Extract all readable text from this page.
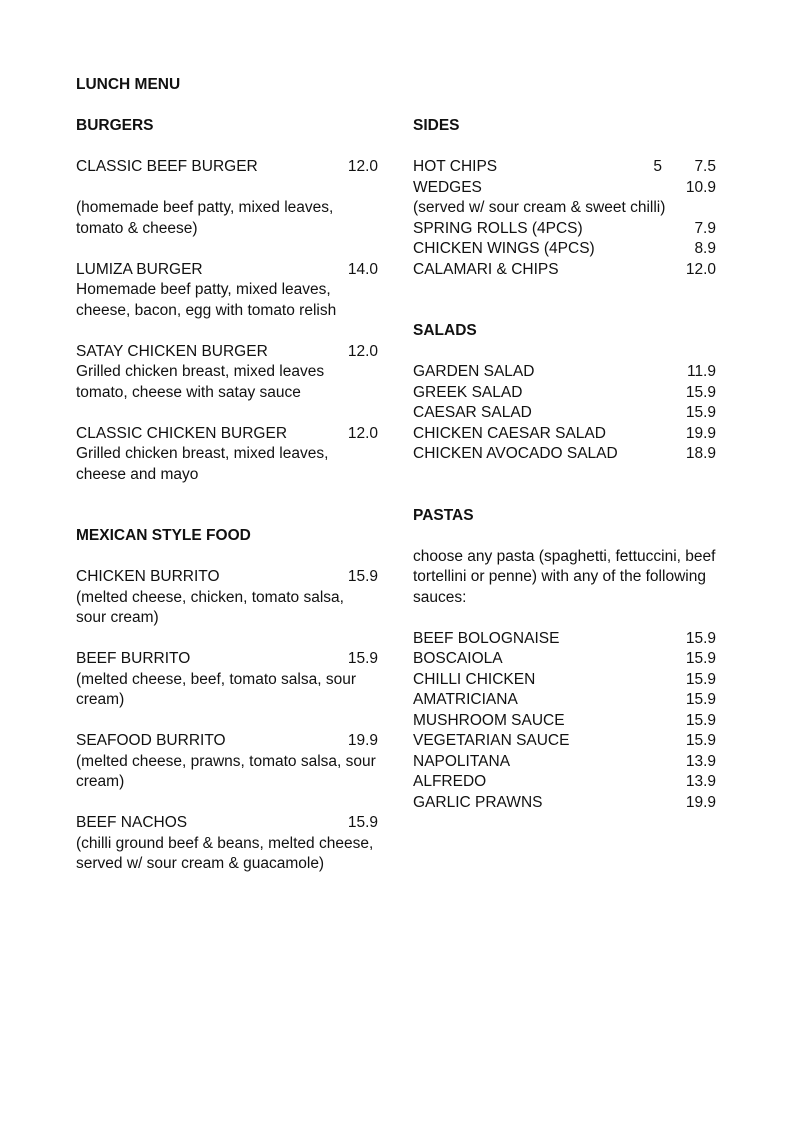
LUNCH MENU
BURGERS
CLASSIC BEEF BURGER	12.0

(homemade beef patty, mixed leaves, tomato & cheese)

LUMIZA BURGER	14.0

Homemade beef patty, mixed leaves, cheese, bacon, egg with tomato relish

SATAY CHICKEN BURGER	12.0

Grilled chicken breast, mixed leaves tomato, cheese with satay sauce

CLASSIC CHICKEN BURGER	12.0

Grilled chicken breast, mixed leaves, cheese and mayo

MEXICAN STYLE FOOD
CHICKEN BURRITO	15.9

(melted cheese, chicken, tomato salsa, sour cream)

BEEF BURRITO	15.9

(melted cheese, beef, tomato salsa, sour cream)

SEAFOOD BURRITO	19.9

(melted cheese, prawns, tomato salsa, sour cream)

BEEF NACHOS	15.9

(chilli ground beef & beans, melted cheese, served w/ sour cream & guacamole)

SIDES
HOT CHIPS	5	7.5
WEDGES	10.9
(served w/ sour cream & sweet chilli)
SPRING ROLLS (4PCS)	7.9
CHICKEN WINGS (4PCS)	8.9
CALAMARI & CHIPS	12.0
SALADS
GARDEN SALAD	11.9
GREEK SALAD	15.9
CAESAR SALAD	15.9
CHICKEN CAESAR SALAD	19.9
CHICKEN AVOCADO SALAD	18.9
PASTAS

choose any pasta (spaghetti, fettuccini, beef tortellini or penne) with any of the following sauces:

BEEF BOLOGNAISE	15.9
BOSCAIOLA	15.9
CHILLI CHICKEN	15.9
AMATRICIANA	15.9
MUSHROOM SAUCE	15.9
VEGETARIAN SAUCE	15.9
NAPOLITANA	13.9
ALFREDO	13.9
GARLIC PRAWNS	19.9
